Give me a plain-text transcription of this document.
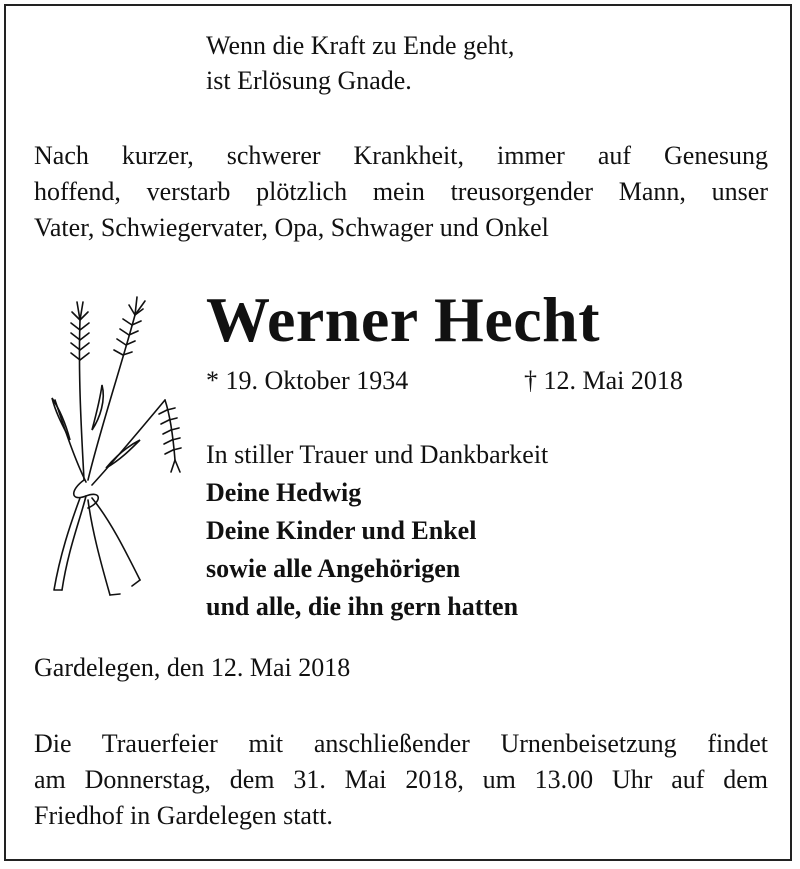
Wenn die Kraft zu Ende geht,
ist Erlösung Gnade.
Nach kurzer, schwerer Krankheit, immer auf Genesung
hoffend, verstarb plötzlich mein treusorgender Mann, unser
Vater, Schwiegervater, Opa, Schwager und Onkel
Werner Hecht
* 19. Oktober 1934	† 12. Mai 2018
In stiller Trauer und Dankbarkeit
Deine Hedwig
Deine Kinder und Enkel
sowie alle Angehörigen
und alle, die ihn gern hatten
Gardelegen, den 12. Mai 2018
Die Trauerfeier mit anschließender Urnenbeisetzung findet
am Donnerstag, dem 31. Mai 2018, um 13.00 Uhr auf dem
Friedhof in Gardelegen statt.
